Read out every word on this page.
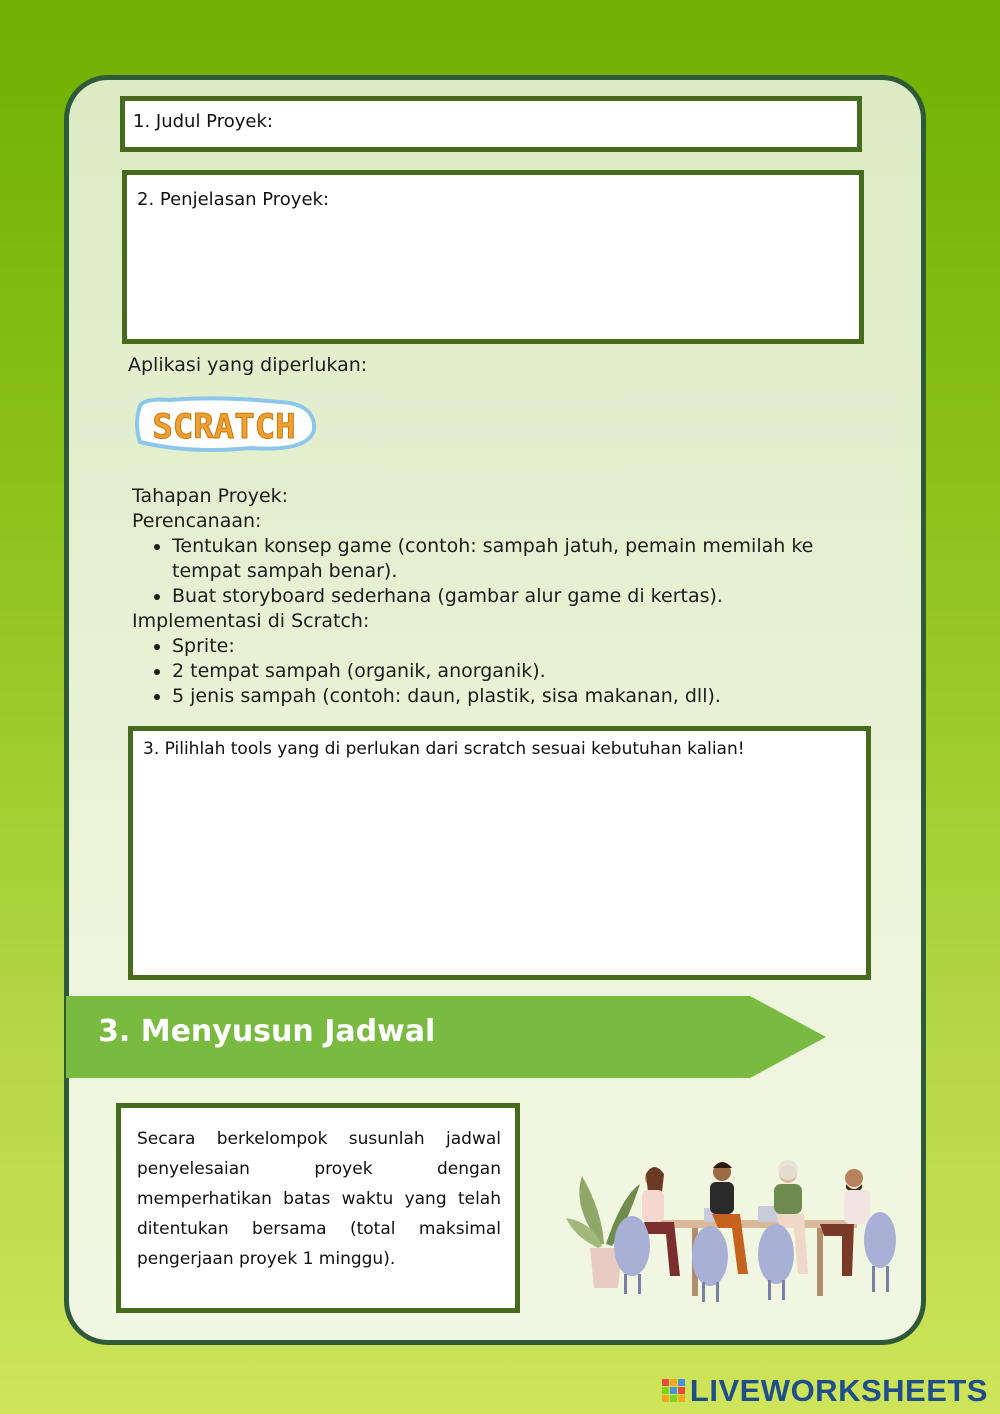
1. Judul Proyek:
2. Penjelasan Proyek:
Aplikasi yang diperlukan:
SCRATCH
Tahapan Proyek:
Perencanaan:
• Tentukan konsep game (contoh: sampah jatuh, pemain memilah ke tempat sampah benar).
• Buat storyboard sederhana (gambar alur game di kertas).
Implementasi di Scratch:
• Sprite:
• 2 tempat sampah (organik, anorganik).
• 5 jenis sampah (contoh: daun, plastik, sisa makanan, dll).
3. Pilihlah tools yang di perlukan dari scratch sesuai kebutuhan kalian!
3. Menyusun Jadwal
Secara berkelompok susunlah jadwal penyelesaian proyek dengan memperhatikan batas waktu yang telah ditentukan bersama (total maksimal pengerjaan proyek 1 minggu).
LIVEWORKSHEETS
